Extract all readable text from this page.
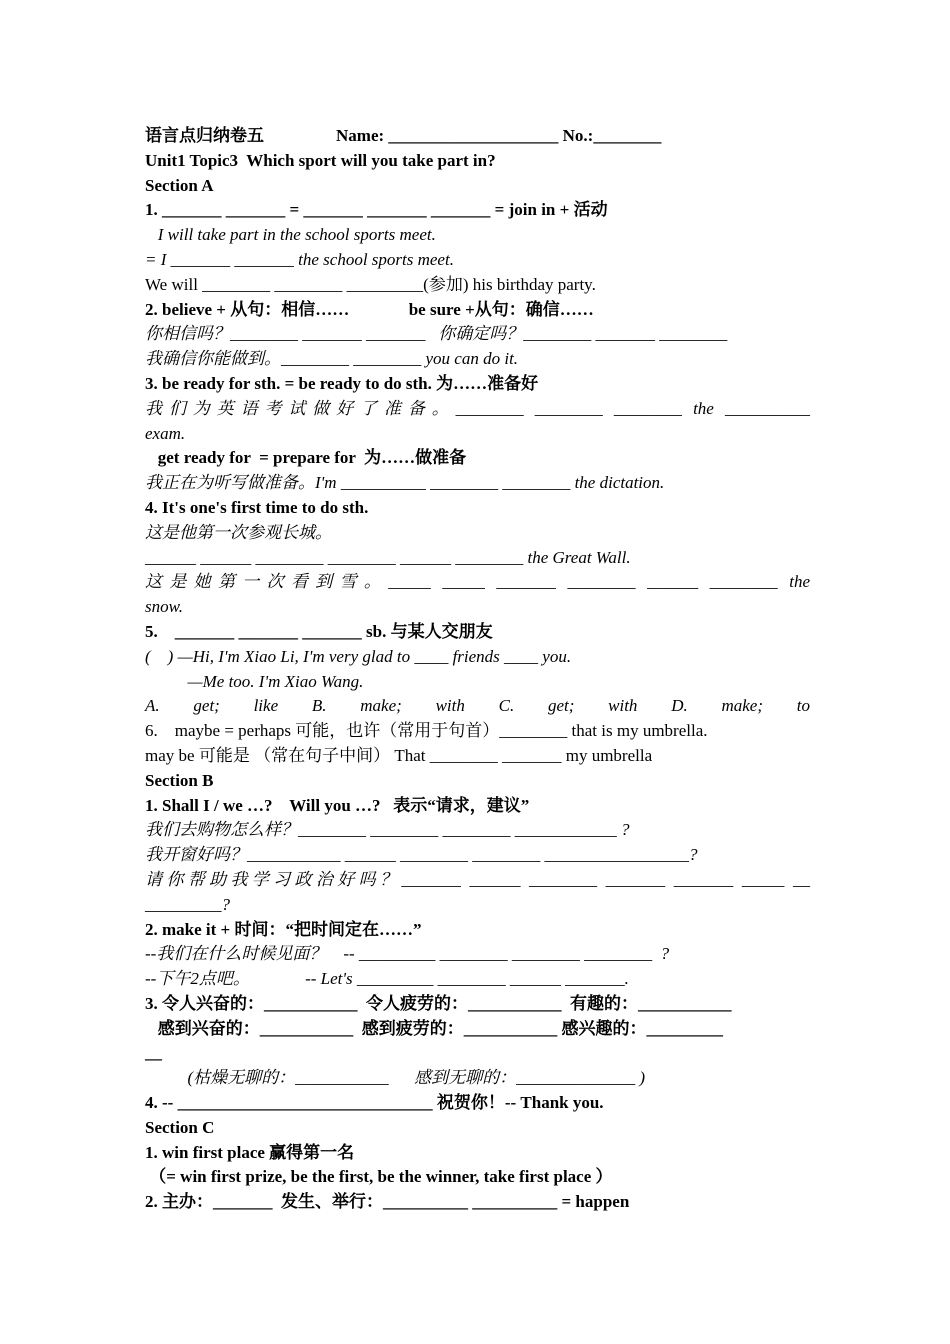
语言点归纳卷五	Name: ____________________ No.:________
Unit1 Topic3  Which sport will you take part in?
Section A
1. _______ _______ = _______ _______ _______ = join in + 活动
I will take part in the school sports meet.
= I _______ _______ the school sports meet.
We will ________ ________ _________(参加) his birthday party.
2. believe + 从句：相信……              be sure +从句：确信……
你相信吗？________ _______ _______   你确定吗？________ _______ ________
我确信你能做到。________ ________ you can do it.
3. be ready for sth. = be ready to do sth. 为……准备好
我们为英语考试做好了准备。________ ________ ________ the __________
exam.
get ready for  = prepare for  为……做准备
我正在为听写做准备。I'm __________ ________ ________ the dictation.
4. It's one's first time to do sth.
这是他第一次参观长城。
______ ______ ________ ________ ______ ________ the Great Wall.
这是她第一次看到雪。_____ _____ _______ ________ ______ ________ the
snow.
5.    _______ _______ _______ sb. 与某人交朋友
(    ) —Hi, I'm Xiao Li, I'm very glad to ____ friends ____ you.
—Me too. I'm Xiao Wang.
A. get; like B. make; with C. get; with D. make; to
6.    maybe = perhaps 可能，也许（常用于句首）________ that is my umbrella.
may be 可能是 （常在句子中间） That ________ _______ my umbrella
Section B
1. Shall I / we …?    Will you …?   表示“请求，建议”
我们去购物怎么样？________ ________ ________ ____________ ?
我开窗好吗？___________ ______ ________ ________ _________________?
请你帮助我学习政治好吗？_______ ______ ________ _______ _______ _____ __
_________?
2. make it + 时间：“把时间定在……”
--我们在什么时候见面？    -- _________ ________ ________ ________  ?
--下午2点吧。             -- Let's _________ ________ ______ _______.
3. 令人兴奋的：___________  令人疲劳的：___________  有趣的：___________
感到兴奋的：___________  感到疲劳的：___________ 感兴趣的：_________
__
(枯燥无聊的：___________      感到无聊的：______________ )
4. -- ______________________________ 祝贺你！-- Thank you.
Section C
1. win first place 赢得第一名
（= win first prize, be the first, be the winner, take first place ）
2. 主办：_______  发生、举行：__________ __________ = happen
